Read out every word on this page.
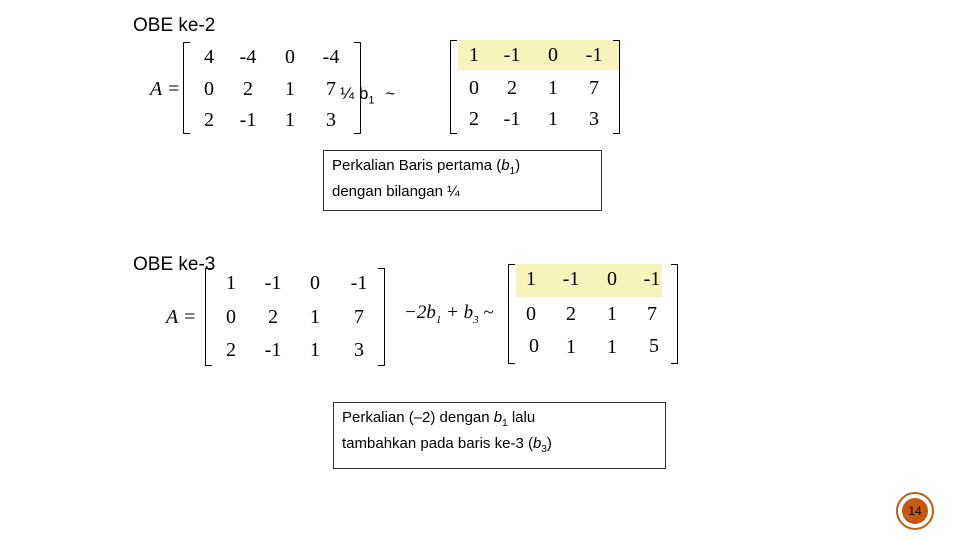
OBE ke-2
A =
4	-4	0	-4
0	2	1	7
2	-1	1	3
¼ $b_1$ ~
1	-1	0	-1
0	2	1	7
2	-1	1	3
Perkalian Baris pertama $(b_1)$
dengan bilangan ¼
OBE ke-3
A =
1	-1	0	-1
0	2	1	7
2	-1	1	3
$-2b_1 + b_3$ ~
1	-1	0	-1
0	2	1	7
0	1	1	5
Perkalian (–2) dengan $b_1$ lalu
tambahkan pada baris ke-3 $(b_3)$
14
